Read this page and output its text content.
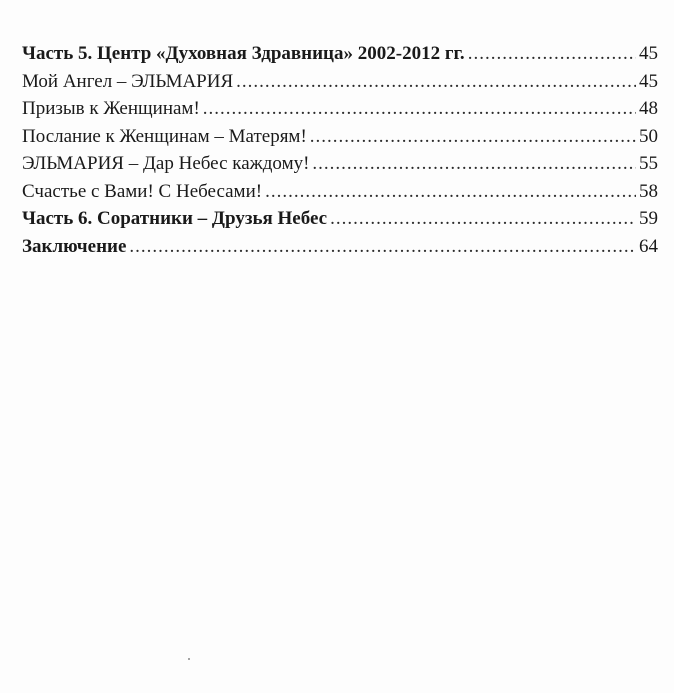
Часть 5. Центр «Духовная Здравница» 2002-2012 гг. .....	45
Мой Ангел – ЭЛЬМАРИЯ .....	45
Призыв к Женщинам! .....	48
Послание к Женщинам – Матерям! .....	50
ЭЛЬМАРИЯ – Дар Небес каждому! .....	55
Счастье с Вами! С Небесами! .....	58
Часть 6. Соратники – Друзья Небес .....	59
Заключение .....	64
